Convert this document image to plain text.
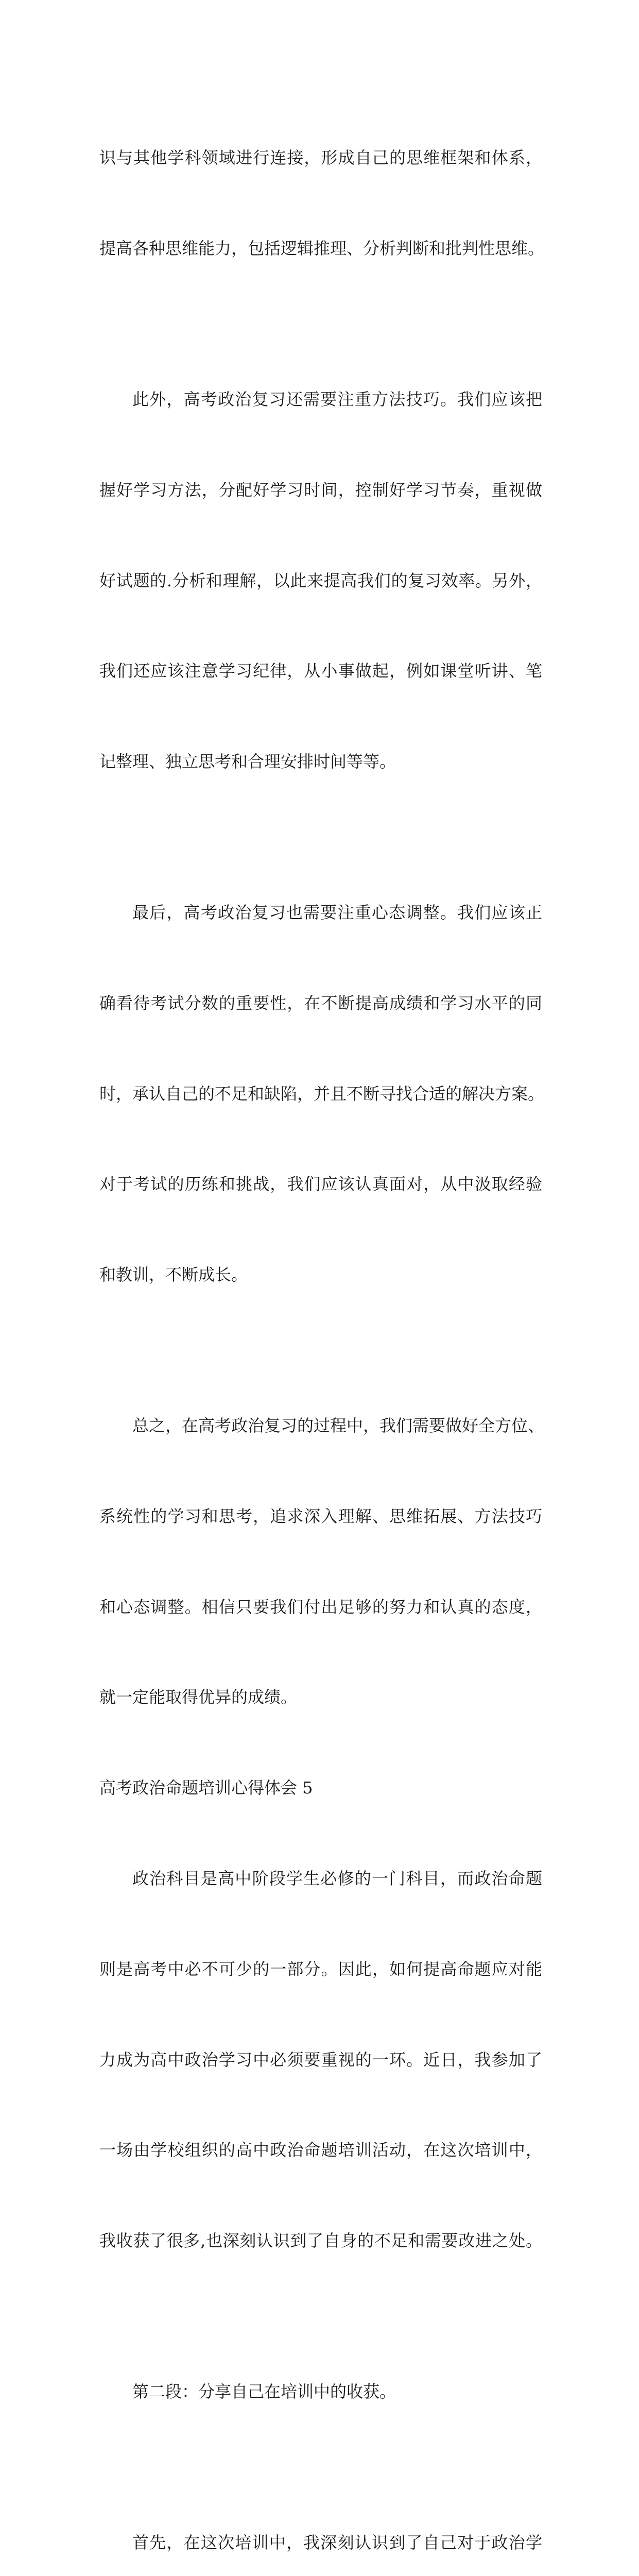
识与其他学科领域进行连接，形成自己的思维框架和体系，

提高各种思维能力，包括逻辑推理、分析判断和批判性思维。

此外，高考政治复习还需要注重方法技巧。我们应该把

握好学习方法，分配好学习时间，控制好学习节奏，重视做

好试题的.分析和理解，以此来提高我们的复习效率。另外，

我们还应该注意学习纪律，从小事做起，例如课堂听讲、笔

记整理、独立思考和合理安排时间等等。

最后，高考政治复习也需要注重心态调整。我们应该正

确看待考试分数的重要性，在不断提高成绩和学习水平的同

时，承认自己的不足和缺陷，并且不断寻找合适的解决方案。

对于考试的历练和挑战，我们应该认真面对，从中汲取经验

和教训，不断成长。

总之，在高考政治复习的过程中，我们需要做好全方位、

系统性的学习和思考，追求深入理解、思维拓展、方法技巧

和心态调整。相信只要我们付出足够的努力和认真的态度，

就一定能取得优异的成绩。

高考政治命题培训心得体会 5

政治科目是高中阶段学生必修的一门科目，而政治命题

则是高考中必不可少的一部分。因此，如何提高命题应对能

力成为高中政治学习中必须要重视的一环。近日，我参加了

一场由学校组织的高中政治命题培训活动，在这次培训中，

我收获了很多,也深刻认识到了自身的不足和需要改进之处。

第二段：分享自己在培训中的收获。

首先，在这次培训中，我深刻认识到了自己对于政治学
